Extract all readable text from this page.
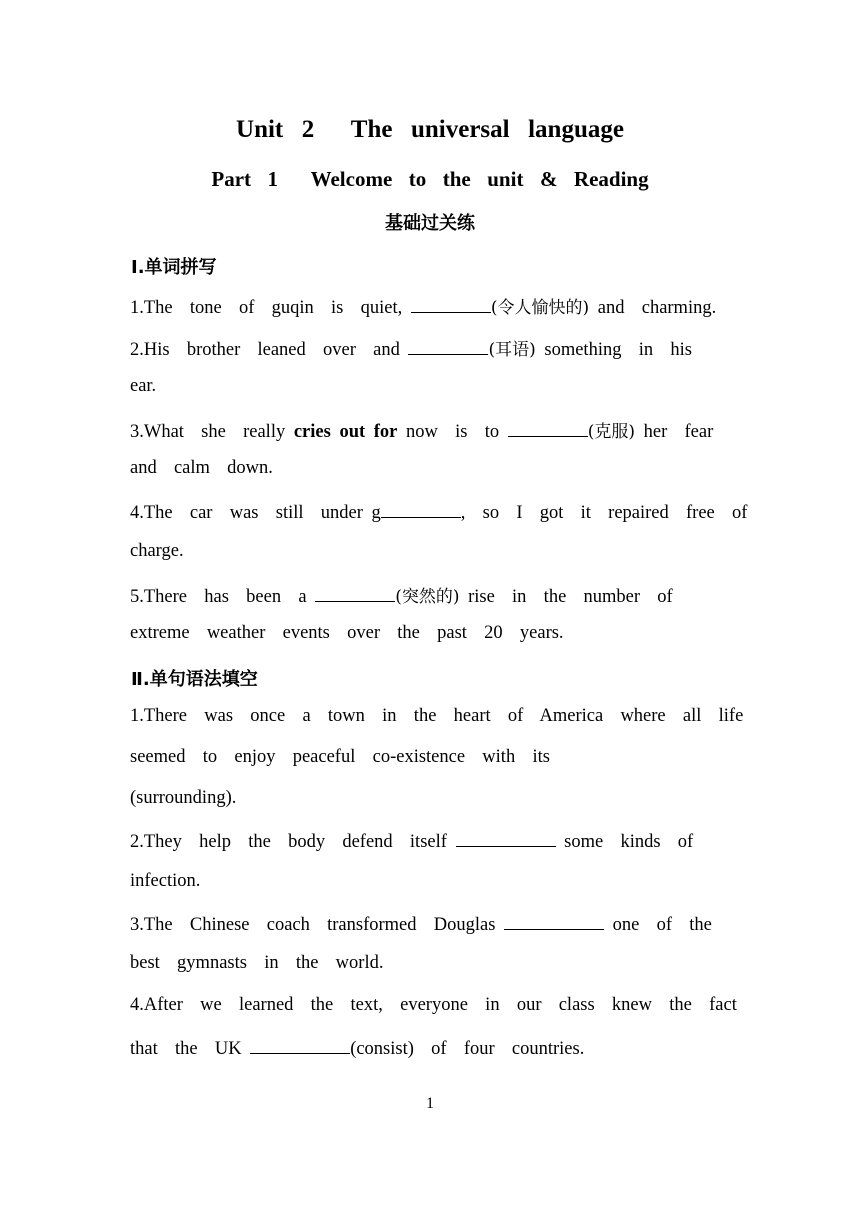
Unit  2    The  universal  language
Part  1    Welcome  to  the  unit  &  Reading
基础过关练
Ⅰ.单词拼写
1.The  tone  of  guqin  is  quiet,	(令人愉快的) and  charming.
2.His  brother  leaned  over  and	(耳语) something  in  his
ear.
3.What  she  really cries out for now  is  to	(克服) her  fear
and  calm  down.
4.The  car  was  still  under g	,  so  I  got  it  repaired  free  of
charge.
5.There  has  been  a	(突然的) rise  in  the  number  of
extreme  weather  events  over  the  past  20  years.
Ⅱ.单句语法填空
1.There  was  once  a  town  in  the  heart  of  America  where  all  life
seemed  to  enjoy  peaceful  co-existence  with  its
(surrounding).
2.They  help  the  body  defend  itself	some  kinds  of
infection.
3.The  Chinese  coach  transformed  Douglas	one  of  the
best  gymnasts  in  the  world.
4.After  we  learned  the  text,  everyone  in  our  class  knew  the  fact
that  the  UK	(consist)  of  four  countries.
1
